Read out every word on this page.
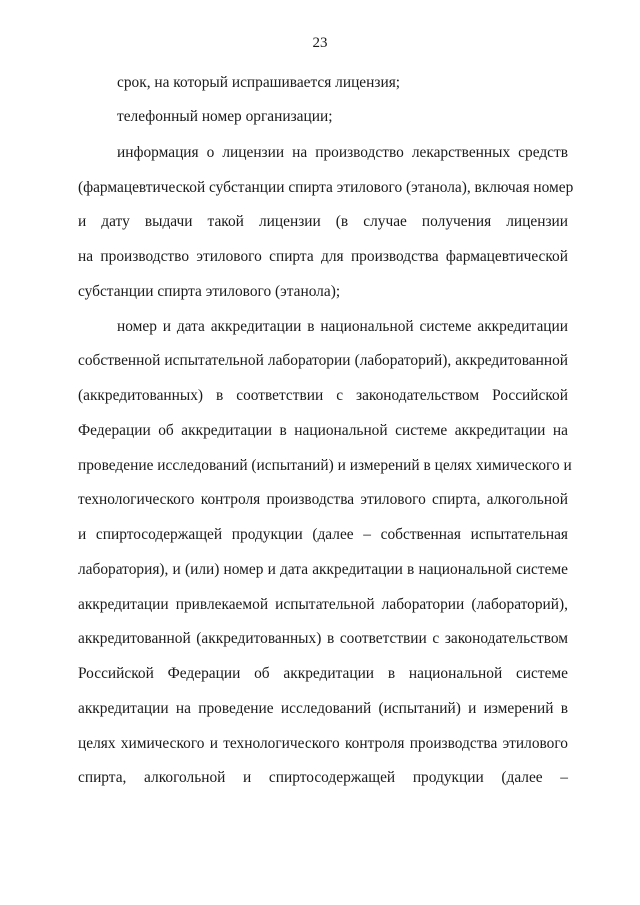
23
срок, на который испрашивается лицензия;
телефонный номер организации;
информация о лицензии на производство лекарственных средств
(фармацевтической субстанции спирта этилового (этанола), включая номер
и дату выдачи такой лицензии (в случае получения лицензии
на производство этилового спирта для производства фармацевтической
субстанции спирта этилового (этанола);
номер и дата аккредитации в национальной системе аккредитации
собственной испытательной лаборатории (лабораторий), аккредитованной
(аккредитованных) в соответствии с законодательством Российской
Федерации об аккредитации в национальной системе аккредитации на
проведение исследований (испытаний) и измерений в целях химического и
технологического контроля производства этилового спирта, алкогольной
и спиртосодержащей продукции (далее – собственная испытательная
лаборатория), и (или) номер и дата аккредитации в национальной системе
аккредитации привлекаемой испытательной лаборатории (лабораторий),
аккредитованной (аккредитованных) в соответствии с законодательством
Российской Федерации об аккредитации в национальной системе
аккредитации на проведение исследований (испытаний) и измерений в
целях химического и технологического контроля производства этилового
спирта, алкогольной и спиртосодержащей продукции (далее –
